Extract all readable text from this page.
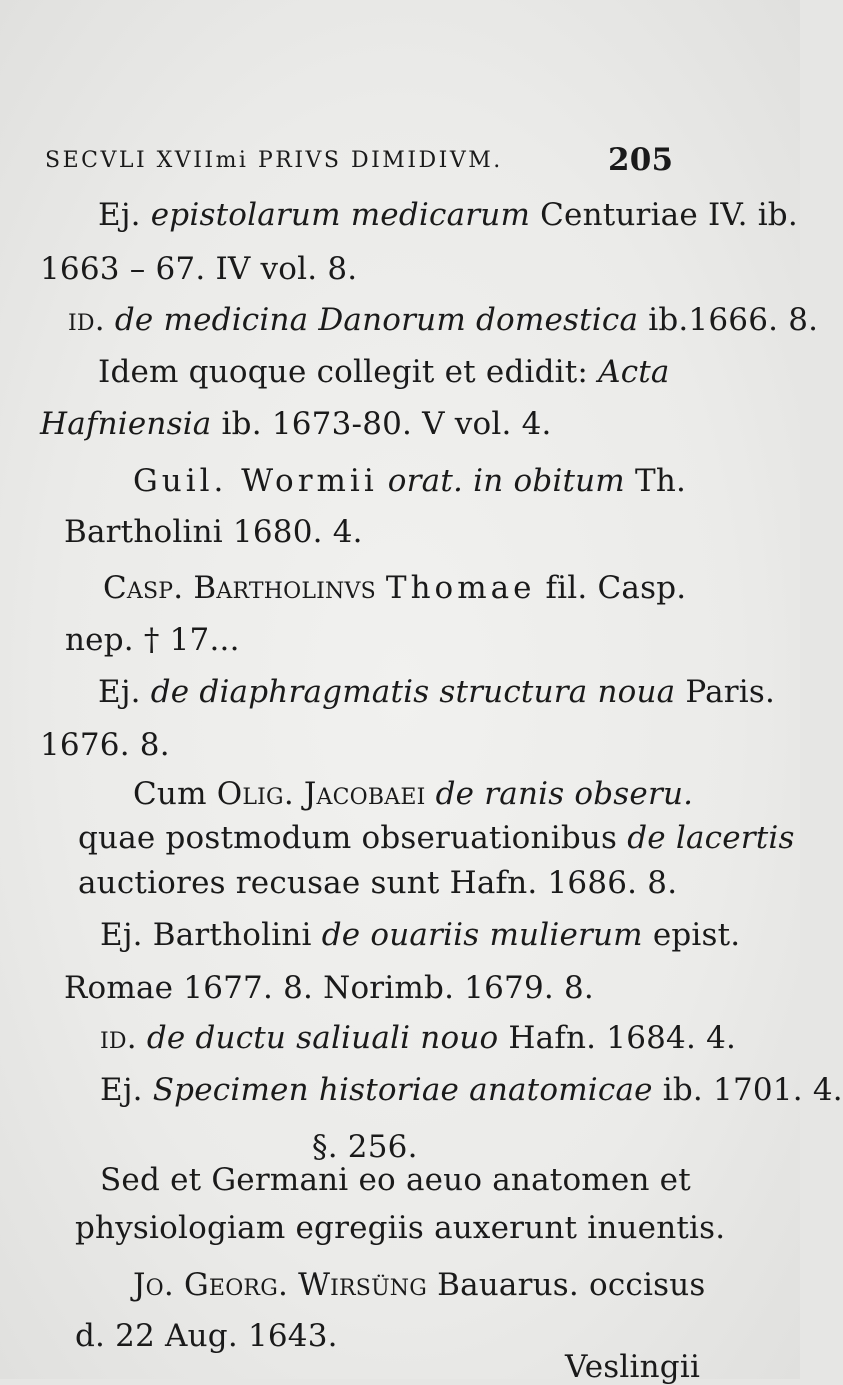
SECVLI XVIImi PRIVS DIMIDIVM.	205
Ej. epistolarum medicarum Centuriae IV. ib.
1663 – 67. IV vol. 8.
id. de medicina Danorum domestica ib.1666. 8.
Idem quoque collegit et edidit: Acta
Hafniensia ib. 1673-80. V vol. 4.
Guil. Wormii orat. in obitum Th.
Bartholini 1680. 4.
Casp. Bartholinvs Thomae fil. Casp.
nep. † 17...
Ej. de diaphragmatis structura noua Paris.
1676. 8.
Cum Olig. Jacobaei de ranis obseru.
quae postmodum obseruationibus de lacertis
auctiores recusae sunt Hafn. 1686. 8.
Ej. Bartholini de ouariis mulierum epist.
Romae 1677. 8. Norimb. 1679. 8.
id. de ductu saliuali nouo Hafn. 1684. 4.
Ej. Specimen historiae anatomicae ib. 1701. 4.
§. 256.
Sed et Germani eo aeuo anatomen et
physiologiam egregiis auxerunt inuentis.
Jo. Georg. Wirsüng Bauarus. occisus
d. 22 Aug. 1643.
Veslingii
